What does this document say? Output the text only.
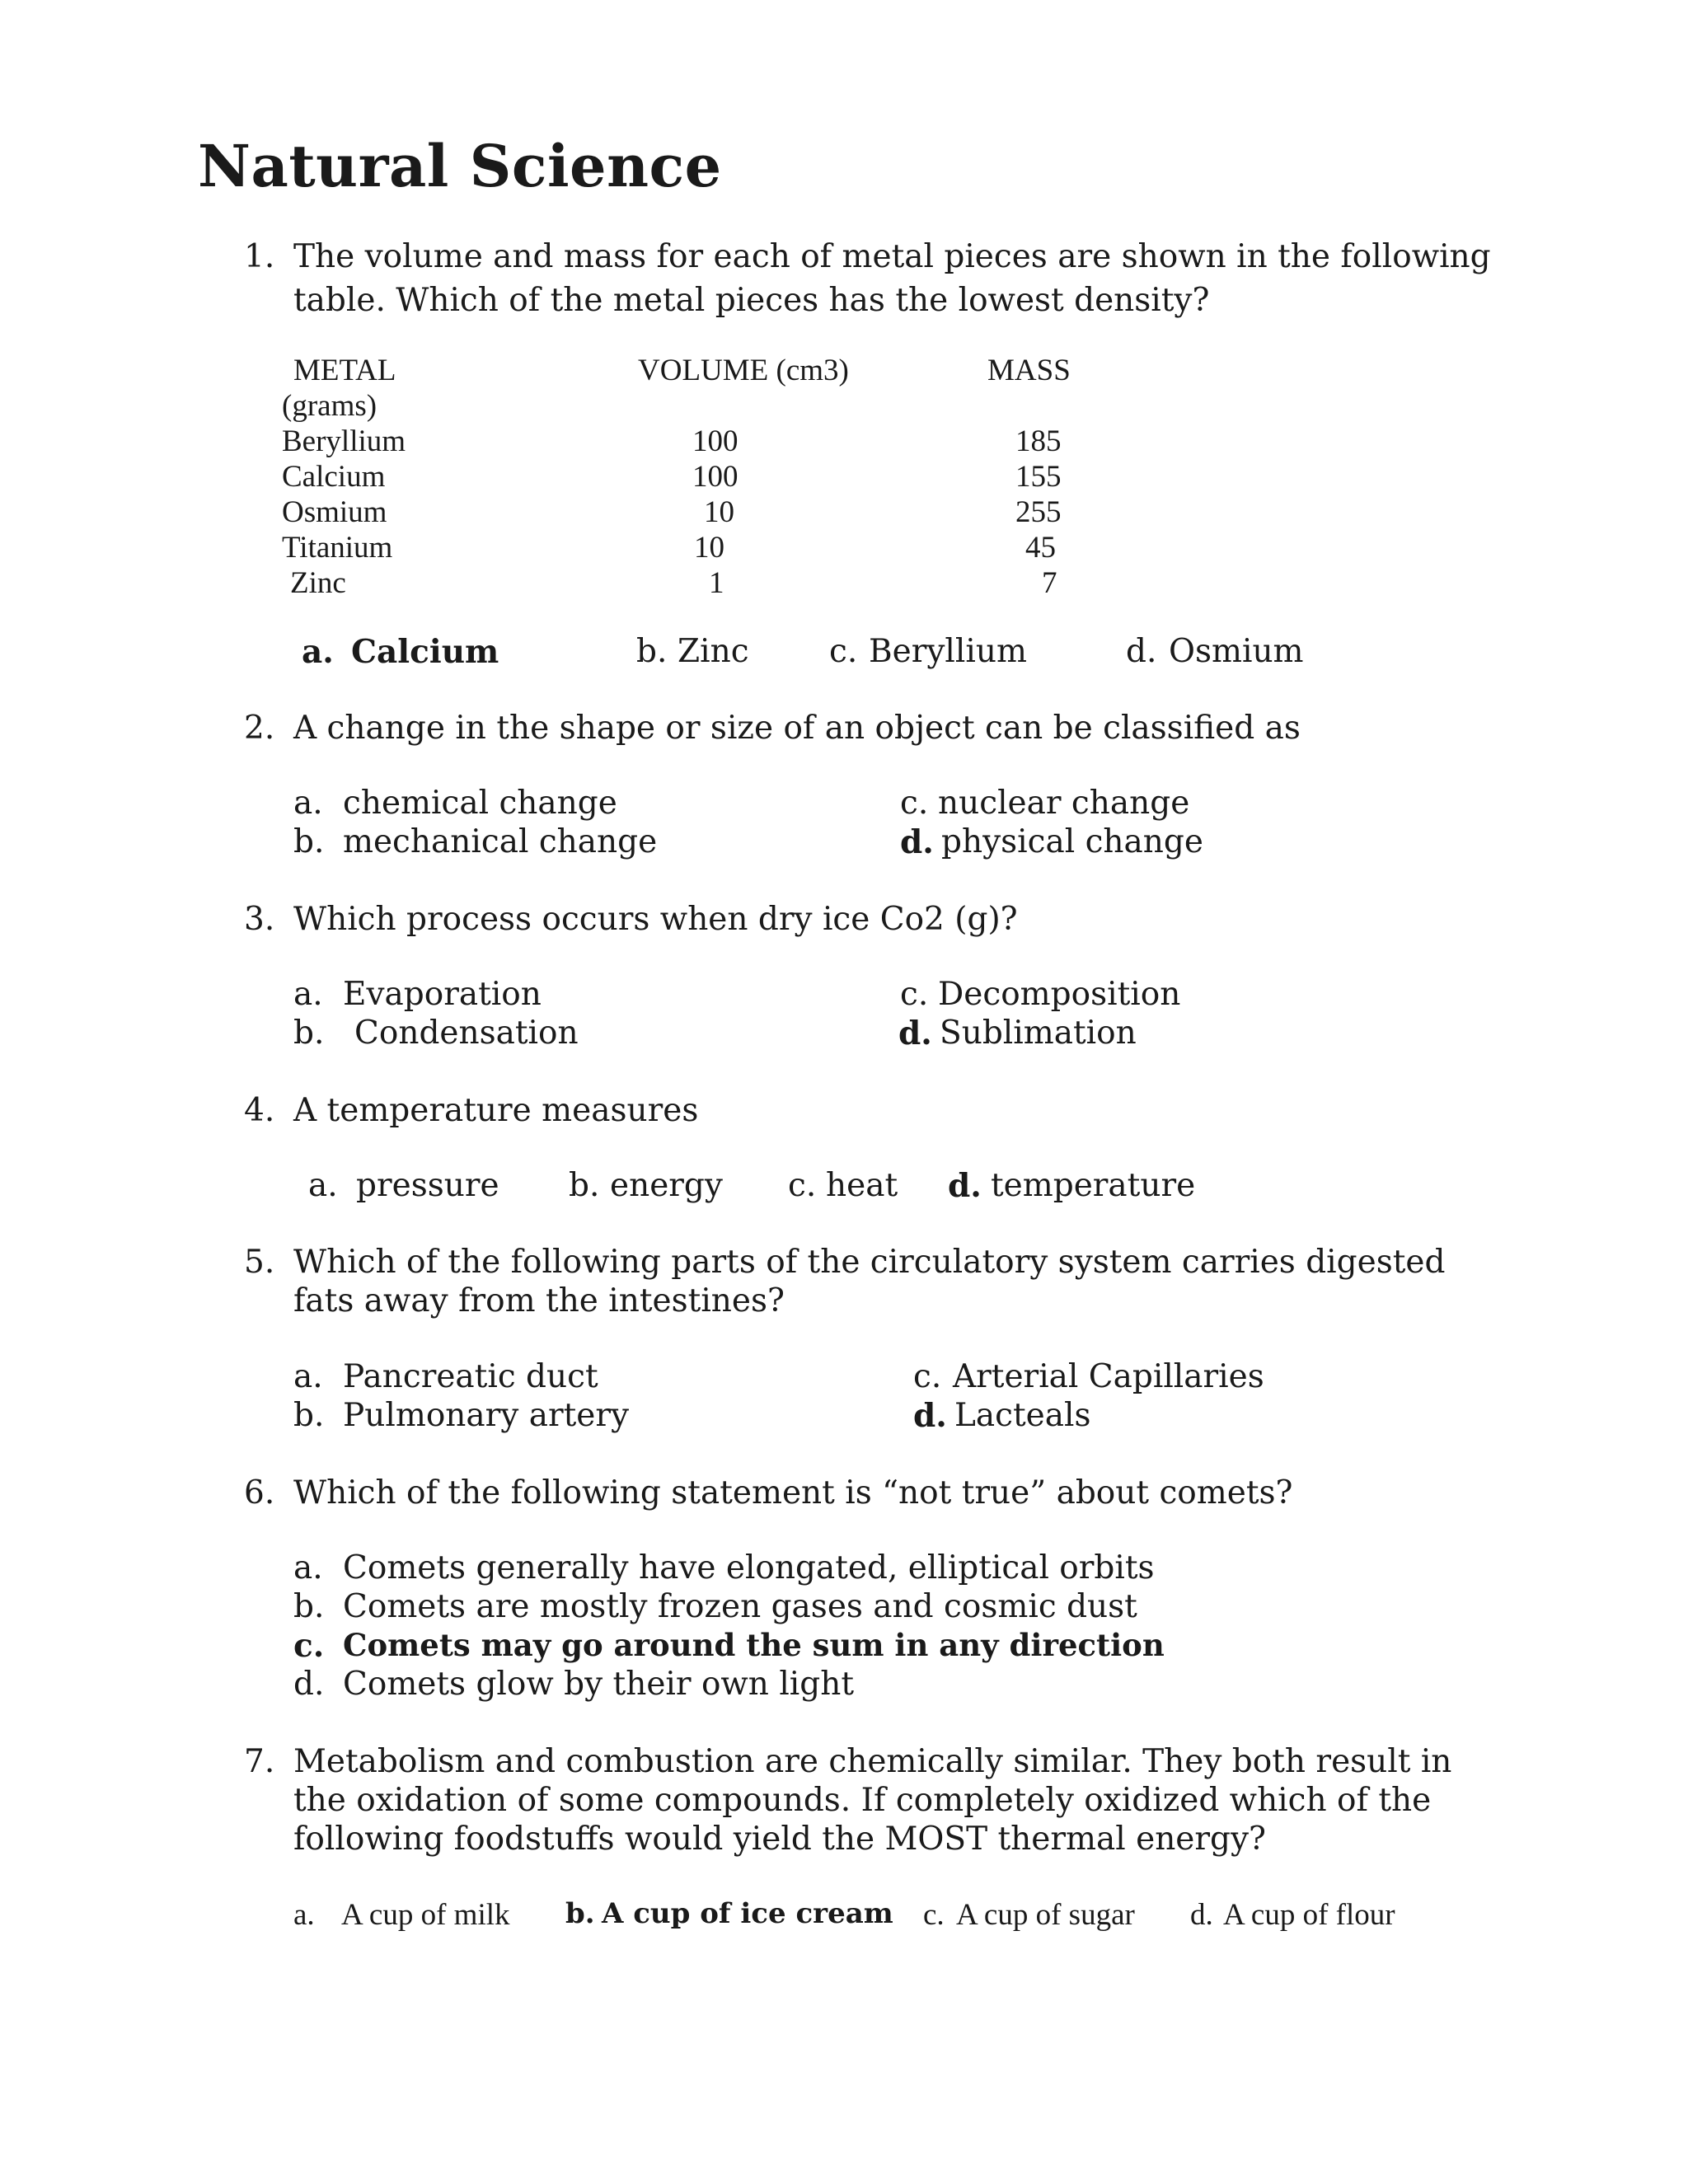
Natural Science
1. The volume and mass for each of metal pieces are shown in the following
table. Which of the metal pieces has the lowest density?
METAL	VOLUME (cm3)	MASS
(grams)
Beryllium	100	185
Calcium	100	155
Osmium	10	255
Titanium	10	45
Zinc	1	7
a. Calcium	b. Zinc c. Beryllium	d. Osmium
2. A change in the shape or size of an object can be classified as
a. chemical change
b. mechanical change
c. nuclear change
d. physical change
3. Which process occurs when dry ice Co2 (g)?
a. Evaporation
b. Condensation
c. Decomposition
d. Sublimation
4. A temperature measures
a. pressure b. energy c. heat d. temperature
5. Which of the following parts of the circulatory system carries digested
fats away from the intestines?
a. Pancreatic duct
b. Pulmonary artery
c. Arterial Capillaries
d. Lacteals
6. Which of the following statement is “not true” about comets?
a. Comets generally have elongated, elliptical orbits
b. Comets are mostly frozen gases and cosmic dust
c. Comets may go around the sum in any direction
d. Comets glow by their own light
7. Metabolism and combustion are chemically similar. They both result in
the oxidation of some compounds. If completely oxidized which of the
following foodstuffs would yield the MOST thermal energy?
a. A cup of milk b. A cup of ice cream c. A cup of sugar d. A cup of flour
